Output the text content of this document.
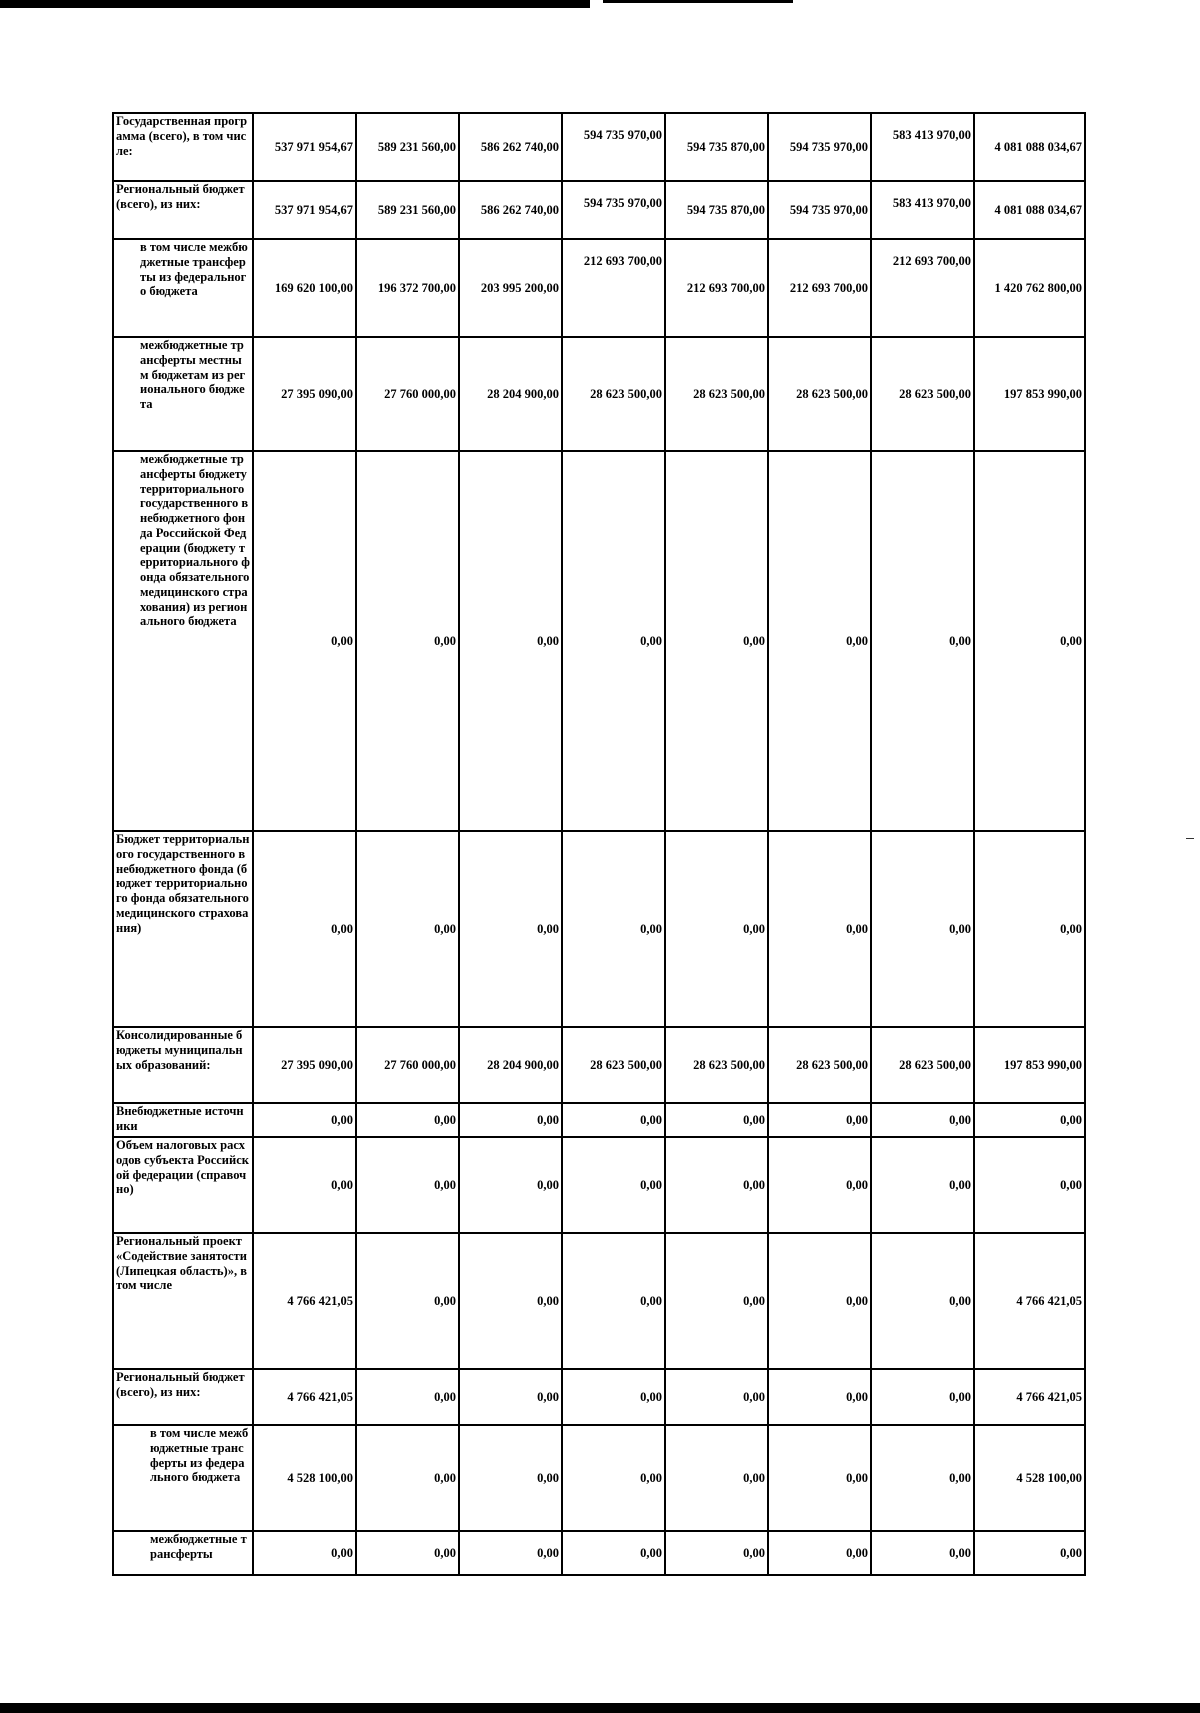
Государственная программа (всего), в том числе:	537 971 954,67	589 231 560,00	586 262 740,00	594 735 970,00	594 735 870,00	594 735 970,00	583 413 970,00	4 081 088 034,67
Региональный бюджет (всего), из них:	537 971 954,67	589 231 560,00	586 262 740,00	594 735 970,00	594 735 870,00	594 735 970,00	583 413 970,00	4 081 088 034,67
в том числе межбюджетные трансферты из федерального бюджета	169 620 100,00	196 372 700,00	203 995 200,00	212 693 700,00	212 693 700,00	212 693 700,00	212 693 700,00	1 420 762 800,00
межбюджетные трансферты местным бюджетам из регионального бюджета	27 395 090,00	27 760 000,00	28 204 900,00	28 623 500,00	28 623 500,00	28 623 500,00	28 623 500,00	197 853 990,00
межбюджетные трансферты бюджету территориального государственного внебюджетного фонда Российской Федерации (бюджету территориального фонда обязательного медицинского страхования) из регионального бюджета	0,00	0,00	0,00	0,00	0,00	0,00	0,00	0,00
Бюджет территориального государственного внебюджетного фонда (бюджет территориального фонда обязательного медицинского страхования)	0,00	0,00	0,00	0,00	0,00	0,00	0,00	0,00
Консолидированные бюджеты муниципальных образований:	27 395 090,00	27 760 000,00	28 204 900,00	28 623 500,00	28 623 500,00	28 623 500,00	28 623 500,00	197 853 990,00
Внебюджетные источники	0,00	0,00	0,00	0,00	0,00	0,00	0,00	0,00
Объем налоговых расходов субъекта Российской федерации (справочно)	0,00	0,00	0,00	0,00	0,00	0,00	0,00	0,00
Региональный проект «Содействие занятости (Липецкая область)», в том числе	4 766 421,05	0,00	0,00	0,00	0,00	0,00	0,00	4 766 421,05
Региональный бюджет (всего), из них:	4 766 421,05	0,00	0,00	0,00	0,00	0,00	0,00	4 766 421,05
в том числе межбюджетные трансферты из федерального бюджета	4 528 100,00	0,00	0,00	0,00	0,00	0,00	0,00	4 528 100,00
межбюджетные трансферты	0,00	0,00	0,00	0,00	0,00	0,00	0,00	0,00
